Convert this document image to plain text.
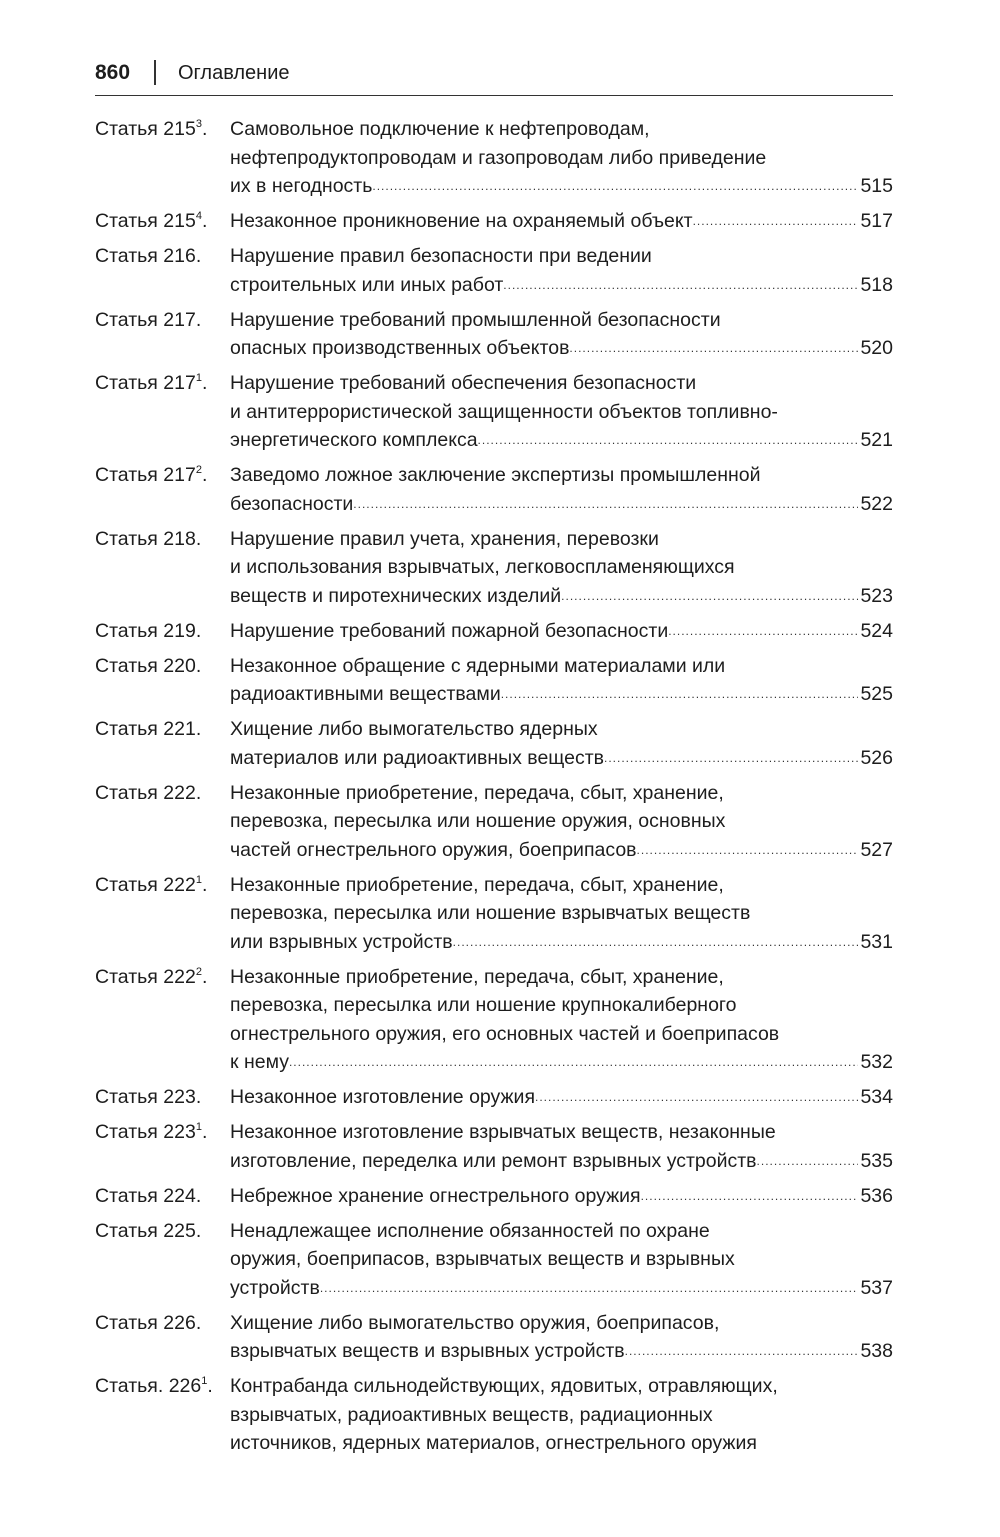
860 Оглавление
Статья $215^3$.	Самовольное подключение к нефтепроводам,
нефтепродуктопроводам и газопроводам либо приведение
их в негодность .....	515
Статья $215^4$.	Незаконное проникновение на охраняемый объект .....	517
Статья 216.	Нарушение правил безопасности при ведении
строительных или иных работ .....	518
Статья 217.	Нарушение требований промышленной безопасности
опасных производственных объектов .....	520
Статья $217^1$.	Нарушение требований обеспечения безопасности
и антитеррористической защищенности объектов топливно-
энергетического комплекса .....	521
Статья $217^2$.	Заведомо ложное заключение экспертизы промышленной
безопасности .....	522
Статья 218.	Нарушение правил учета, хранения, перевозки
и использования взрывчатых, легковоспламеняющихся
веществ и пиротехнических изделий .....	523
Статья 219.	Нарушение требований пожарной безопасности .....	524
Статья 220.	Незаконное обращение с ядерными материалами или
радиоактивными веществами .....	525
Статья 221.	Хищение либо вымогательство ядерных
материалов или радиоактивных веществ .....	526
Статья 222.	Незаконные приобретение, передача, сбыт, хранение,
перевозка, пересылка или ношение оружия, основных
частей огнестрельного оружия, боеприпасов .....	527
Статья $222^1$.	Незаконные приобретение, передача, сбыт, хранение,
перевозка, пересылка или ношение взрывчатых веществ
или взрывных устройств .....	531
Статья $222^2$.	Незаконные приобретение, передача, сбыт, хранение,
перевозка, пересылка или ношение крупнокалиберного
огнестрельного оружия, его основных частей и боеприпасов
к нему .....	532
Статья 223.	Незаконное изготовление оружия .....	534
Статья $223^1$.	Незаконное изготовление взрывчатых веществ, незаконные
изготовление, переделка или ремонт взрывных устройств .....	535
Статья 224.	Небрежное хранение огнестрельного оружия .....	536
Статья 225.	Ненадлежащее исполнение обязанностей по охране
оружия, боеприпасов, взрывчатых веществ и взрывных
устройств .....	537
Статья 226.	Хищение либо вымогательство оружия, боеприпасов,
взрывчатых веществ и взрывных устройств .....	538
Статья. $226^1$. Контрабанда сильнодействующих, ядовитых, отравляющих,
взрывчатых, радиоактивных веществ, радиационных
источников, ядерных материалов, огнестрельного оружия
